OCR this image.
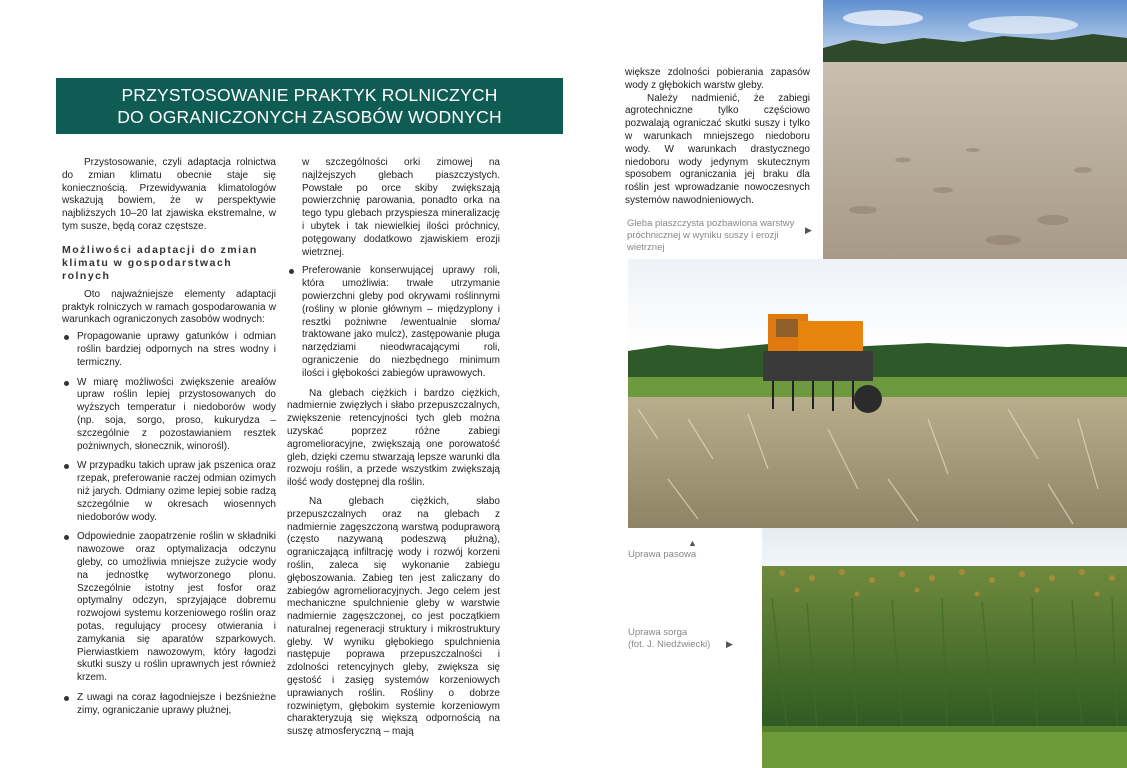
PRZYSTOSOWANIE PRAKTYK ROLNICZYCH
DO OGRANICZONYCH ZASOBÓW WODNYCH

Przystosowanie, czyli adaptacja rolnictwa do zmian klimatu obecnie staje się koniecznością. Przewidywania klimatologów wskazują bowiem, że w perspektywie najbliższych 10–20 lat zjawiska ekstremalne, w tym susze, będą coraz częstsze.

Możliwości adaptacji do zmian klimatu w gospodarstwach rolnych

Oto najważniejsze elementy adaptacji praktyk rolniczych w ramach gospodarowania w warunkach ograniczonych zasobów wodnych:

Propagowanie uprawy gatunków i odmian roślin bardziej odpornych na stres wodny i termiczny.
W miarę możliwości zwiększenie areałów upraw roślin lepiej przystosowanych do wyższych temperatur i niedoborów wody (np. soja, sorgo, proso, kukurydza – szczególnie z pozostawianiem resztek pożniwnych, słonecznik, winorośl).
W przypadku takich upraw jak pszenica oraz rzepak, preferowanie raczej odmian ozimych niż jarych. Odmiany ozime lepiej sobie radzą szczególnie w okresach wiosennych niedoborów wody.
Odpowiednie zaopatrzenie roślin w składniki nawozowe oraz optymalizacja odczynu gleby, co umożliwia mniejsze zużycie wody na jednostkę wytworzonego plonu. Szczególnie istotny jest fosfor oraz optymalny odczyn, sprzyjające dobremu rozwojowi systemu korzeniowego roślin oraz potas, regulujący procesy otwierania i zamykania się aparatów szparkowych. Pierwiastkiem nawozowym, który łagodzi skutki suszy u roślin uprawnych jest również krzem.
Z uwagi na coraz łagodniejsze i bezśnieżne zimy, ograniczanie uprawy płużnej,

w szczególności orki zimowej na najlżejszych glebach piaszczystych. Powstałe po orce skiby zwiększają powierzchnię parowania, ponadto orka na tego typu glebach przyspiesza mineralizację i ubytek i tak niewielkiej ilości próchnicy, potęgowany dodatkowo zjawiskiem erozji wietrznej.

Preferowanie konserwującej uprawy roli, która umożliwia: trwałe utrzymanie powierzchni gleby pod okrywami roślinnymi (rośliny w plonie głównym – międzyplony i resztki pożniwne /ewentualnie słoma/ traktowane jako mulcz), zastępowanie pługa narzędziami nieodwracającymi roli, ograniczenie do niezbędnego minimum ilości i głębokości zabiegów uprawowych.

Na glebach ciężkich i bardzo ciężkich, nadmiernie zwięzłych i słabo przepuszczalnych, zwiększenie retencyjności tych gleb można uzyskać poprzez różne zabiegi agromelioracyjne, zwiększają one porowatość gleb, dzięki czemu stwarzają lepsze warunki dla rozwoju roślin, a przede wszystkim zwiększają ilość wody dostępnej dla roślin.

Na glebach ciężkich, słabo przepuszczalnych oraz na glebach z nadmiernie zagęszczoną warstwą podupraworą (często nazywaną podeszwą płużną), ograniczającą infiltrację wody i rozwój korzeni roślin, zaleca się wykonanie zabiegu głęboszowania. Zabieg ten jest zaliczany do zabiegów agromelioracyjnych. Jego celem jest mechaniczne spulchnienie gleby w warstwie nadmiernie zagęszczonej, co jest początkiem naturalnej regeneracji struktury i mikrostruktury gleby. W wyniku głębokiego spulchnienia następuje poprawa przepuszczalności i zdolności retencyjnych gleby, zwiększa się gęstość i zasięg systemów korzeniowych uprawianych roślin. Rośliny o dobrze rozwiniętym, głębokim systemie korzeniowym charakteryzują się większą odpornością na suszę atmosferyczną – mają

większe zdolności pobierania zapasów wody z głębokich warstw gleby.

Należy nadmienić, że zabiegi agrotechniczne tylko częściowo pozwalają ograniczać skutki suszy i tylko w warunkach mniejszego niedoboru wody. W warunkach drastycznego niedoboru wody jedynym skutecznym sposobem ograniczania jej braku dla roślin jest wprowadzanie nowoczesnych systemów nawodnieniowych.

Gleba piaszczysta pozbawiona warstwy próchnicznej w wyniku suszy i erozji wietrznej
▶
▲
Uprawa pasowa
Uprawa sorga
(fot. J. Niedźwiecki) ▶
